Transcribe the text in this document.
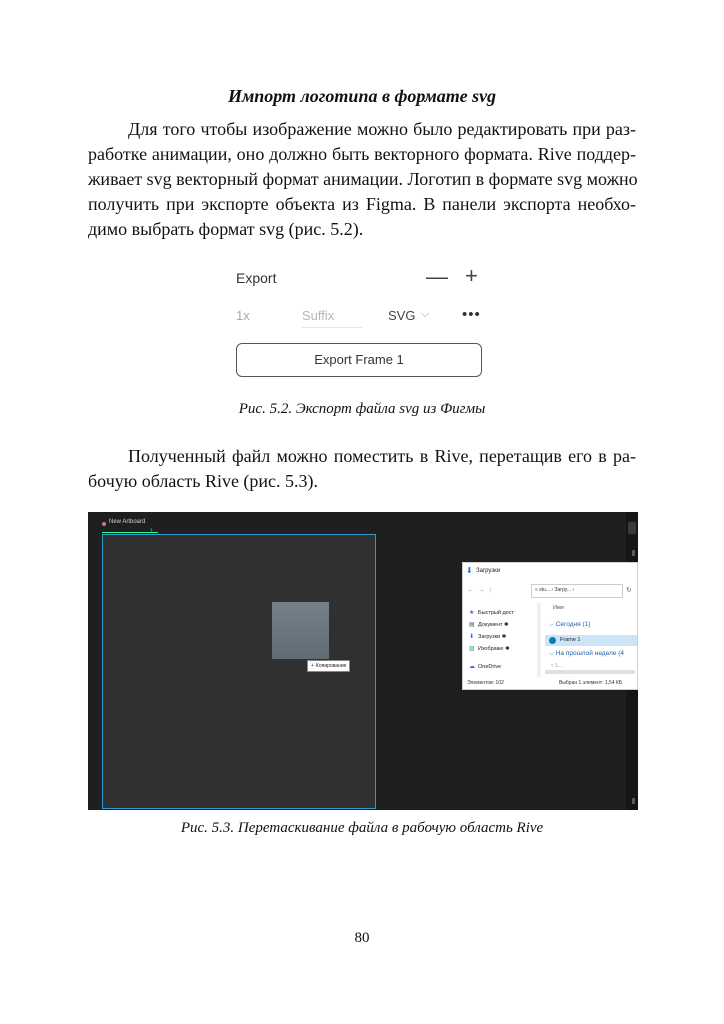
Импорт логотипа в формате svg
Для того чтобы изображение можно было редактировать при раз-
работке анимации, оно должно быть векторного формата. Rive поддер-
живает svg векторный формат анимации. Логотип в формате svg можно
получить при экспорте объекта из Figma. В панели экспорта необхо-
димо выбрать формат svg (рис. 5.2).
Export	— +
1x	Suffix	SVG ⌵ •••
Export Frame 1
Рис. 5.2. Экспорт файла svg из Фигмы
Полученный файл можно поместить в Rive, перетащив его в ра-
бочую область Rive (рис. 5.3).
New Artboard
›
+ Копирование
⬇ Загрузки
←→↑	« stu... › Загру... ›	↻
★ Быстрый дост
▤ Документ ✱
⬇ Загрузки ✱
▨ Изображе ✱
☁ OneDrive
Имя
⌵ Сегодня (1)
Frame 1
⌵ На прошлой неделе (4
≈ 1...
Элементов: 102	Выбран 1 элемент: 1,54 КБ
Рис. 5.3. Перетаскивание файла в рабочую область Rive
80
